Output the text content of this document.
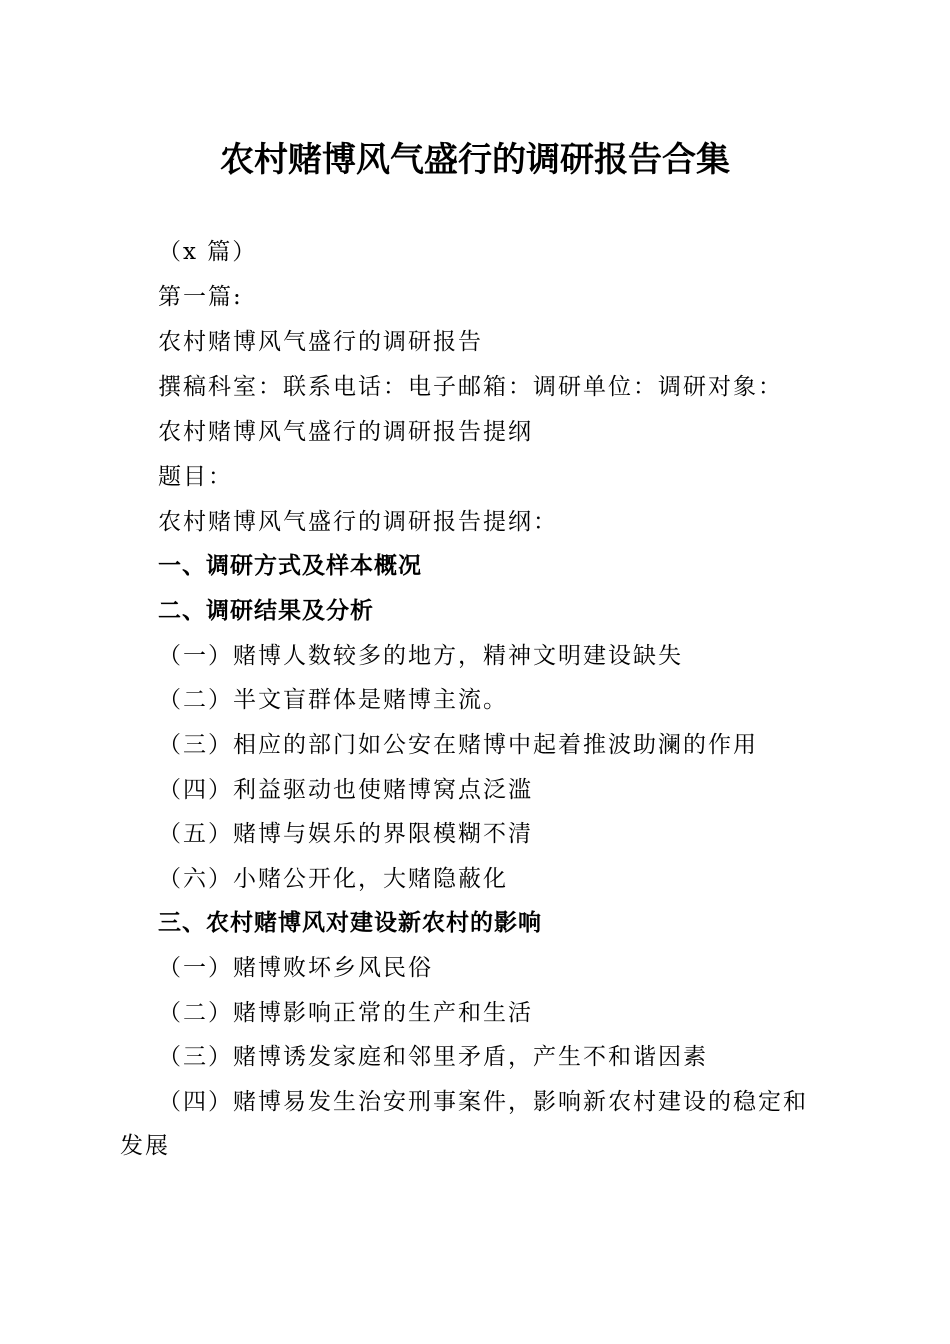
农村赌博风气盛行的调研报告合集
（x 篇）
第一篇:
农村赌博风气盛行的调研报告
撰稿科室：联系电话：电子邮箱：调研单位：调研对象：
农村赌博风气盛行的调研报告提纲
题目：
农村赌博风气盛行的调研报告提纲：
一、调研方式及样本概况
二、调研结果及分析
（一）赌博人数较多的地方，精神文明建设缺失
（二）半文盲群体是赌博主流。
（三）相应的部门如公安在赌博中起着推波助澜的作用
（四）利益驱动也使赌博窝点泛滥
（五）赌博与娱乐的界限模糊不清
（六）小赌公开化，大赌隐蔽化
三、农村赌博风对建设新农村的影响
（一）赌博败坏乡风民俗
（二）赌博影响正常的生产和生活
（三）赌博诱发家庭和邻里矛盾，产生不和谐因素
（四）赌博易发生治安刑事案件，影响新农村建设的稳定和
发展
